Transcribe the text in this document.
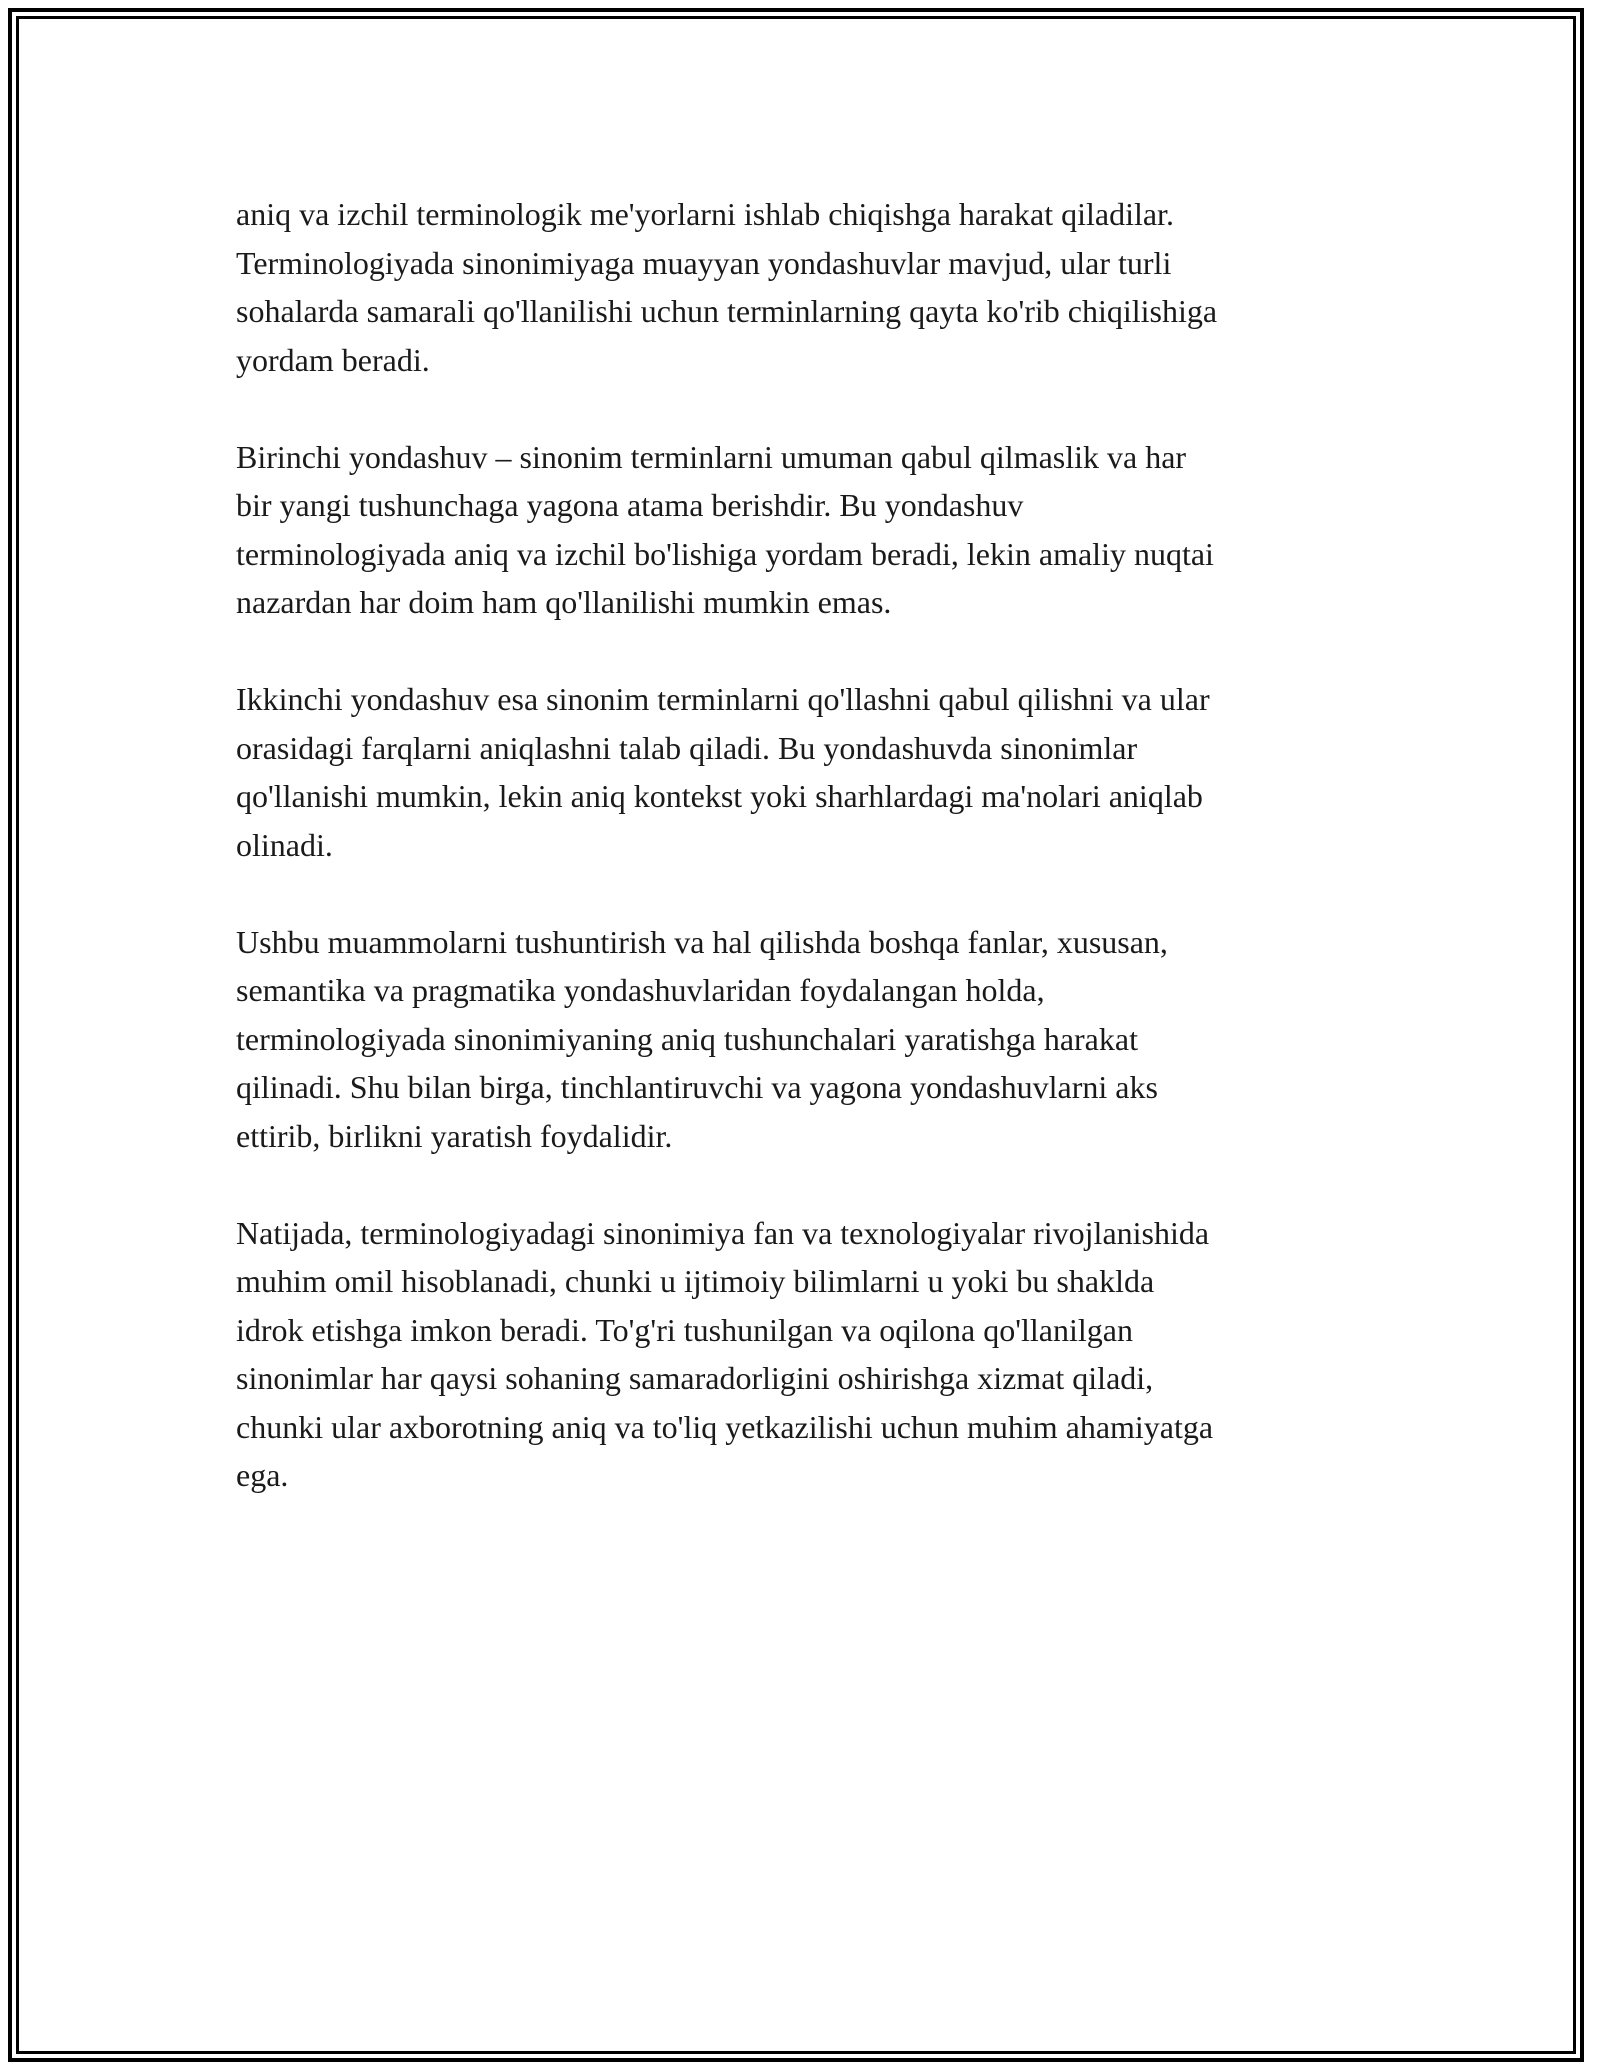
aniq va izchil terminologik me'yorlarni ishlab chiqishga harakat qiladilar.
Terminologiyada sinonimiyaga muayyan yondashuvlar mavjud, ular turli
sohalarda samarali qo'llanilishi uchun terminlarning qayta ko'rib chiqilishiga
yordam beradi.

Birinchi yondashuv – sinonim terminlarni umuman qabul qilmaslik va har
bir yangi tushunchaga yagona atama berishdir. Bu yondashuv
terminologiyada aniq va izchil bo'lishiga yordam beradi, lekin amaliy nuqtai
nazardan har doim ham qo'llanilishi mumkin emas.

Ikkinchi yondashuv esa sinonim terminlarni qo'llashni qabul qilishni va ular
orasidagi farqlarni aniqlashni talab qiladi. Bu yondashuvda sinonimlar
qo'llanishi mumkin, lekin aniq kontekst yoki sharhlardagi ma'nolari aniqlab
olinadi.

Ushbu muammolarni tushuntirish va hal qilishda boshqa fanlar, xususan,
semantika va pragmatika yondashuvlaridan foydalangan holda,
terminologiyada sinonimiyaning aniq tushunchalari yaratishga harakat
qilinadi. Shu bilan birga, tinchlantiruvchi va yagona yondashuvlarni aks
ettirib, birlikni yaratish foydalidir.

Natijada, terminologiyadagi sinonimiya fan va texnologiyalar rivojlanishida
muhim omil hisoblanadi, chunki u ijtimoiy bilimlarni u yoki bu shaklda
idrok etishga imkon beradi. To'g'ri tushunilgan va oqilona qo'llanilgan
sinonimlar har qaysi sohaning samaradorligini oshirishga xizmat qiladi,
chunki ular axborotning aniq va to'liq yetkazilishi uchun muhim ahamiyatga
ega.
